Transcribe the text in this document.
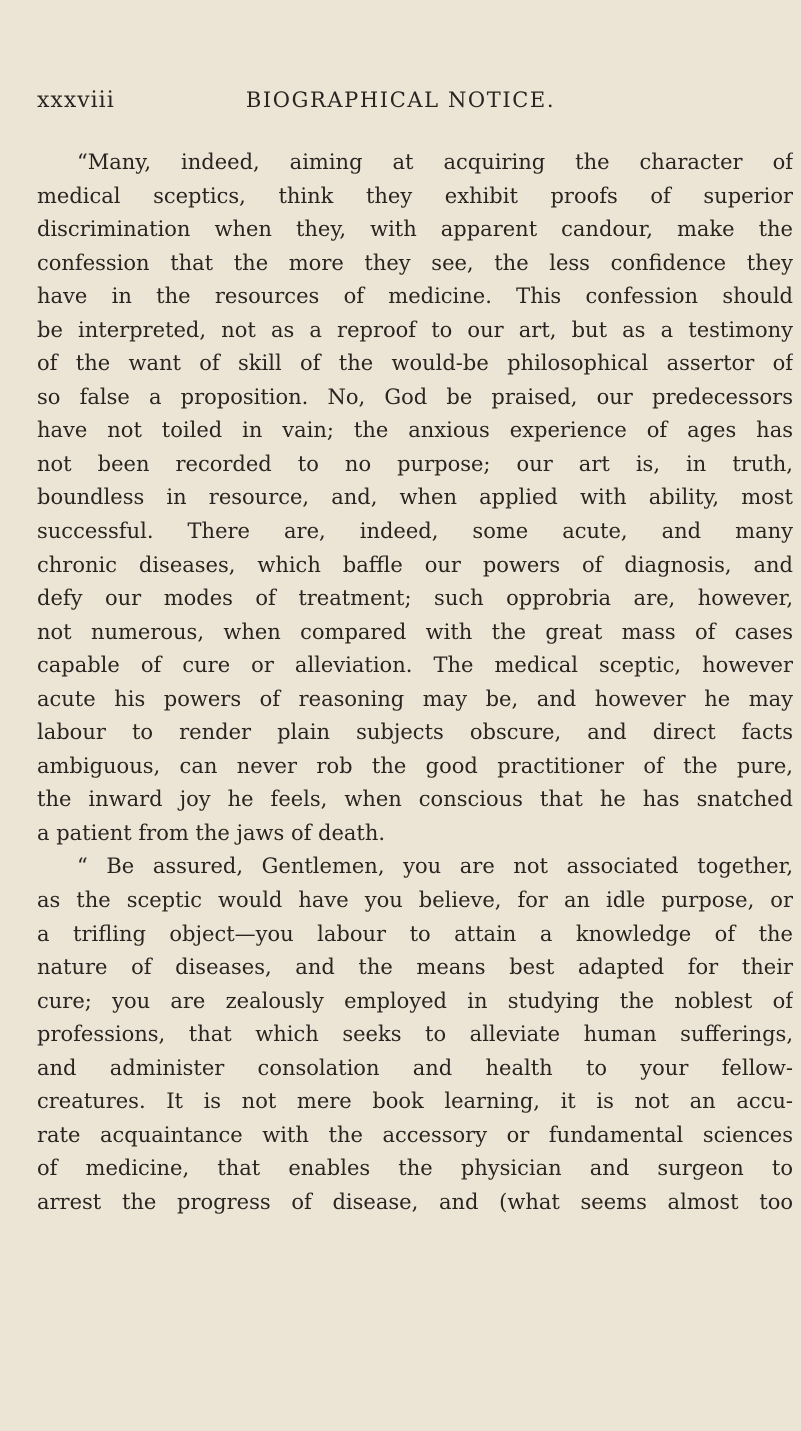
xxxviii	BIOGRAPHICAL NOTICE.
“Many, indeed, aiming at acquiring the character of
medical sceptics, think they exhibit proofs of superior
discrimination when they, with apparent candour, make the
confession that the more they see, the less confidence they
have in the resources of medicine. This confession should
be interpreted, not as a reproof to our art, but as a testimony
of the want of skill of the would-be philosophical assertor of
so false a proposition. No, God be praised, our predecessors
have not toiled in vain; the anxious experience of ages has
not been recorded to no purpose; our art is, in truth,
boundless in resource, and, when applied with ability, most
successful. There are, indeed, some acute, and many
chronic diseases, which baffle our powers of diagnosis, and
defy our modes of treatment; such opprobria are, however,
not numerous, when compared with the great mass of cases
capable of cure or alleviation. The medical sceptic, however
acute his powers of reasoning may be, and however he may
labour to render plain subjects obscure, and direct facts
ambiguous, can never rob the good practitioner of the pure,
the inward joy he feels, when conscious that he has snatched
a patient from the jaws of death.
“ Be assured, Gentlemen, you are not associated together,
as the sceptic would have you believe, for an idle purpose, or
a trifling object—you labour to attain a knowledge of the
nature of diseases, and the means best adapted for their
cure; you are zealously employed in studying the noblest of
professions, that which seeks to alleviate human sufferings,
and administer consolation and health to your fellow-
creatures. It is not mere book learning, it is not an accu-
rate acquaintance with the accessory or fundamental sciences
of medicine, that enables the physician and surgeon to
arrest the progress of disease, and (what seems almost too
